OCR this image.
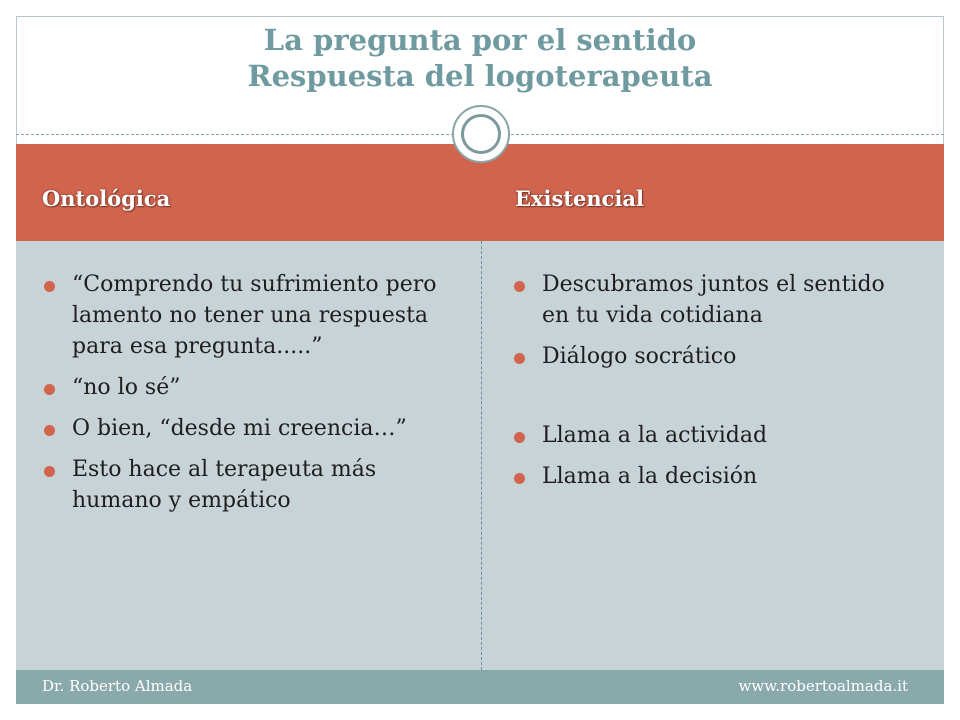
La pregunta por el sentido
Respuesta del logoterapeuta
Ontológica	Existencial
“Comprendo tu sufrimiento pero lamento no tener una respuesta para esa pregunta.....”
“no lo sé”
O bien, “desde mi creencia…”
Esto hace al terapeuta más humano y empático
Descubramos juntos el sentido en tu vida cotidiana
Diálogo socrático
Llama a la actividad
Llama a la decisión
Dr. Roberto Almada	www.robertoalmada.it
